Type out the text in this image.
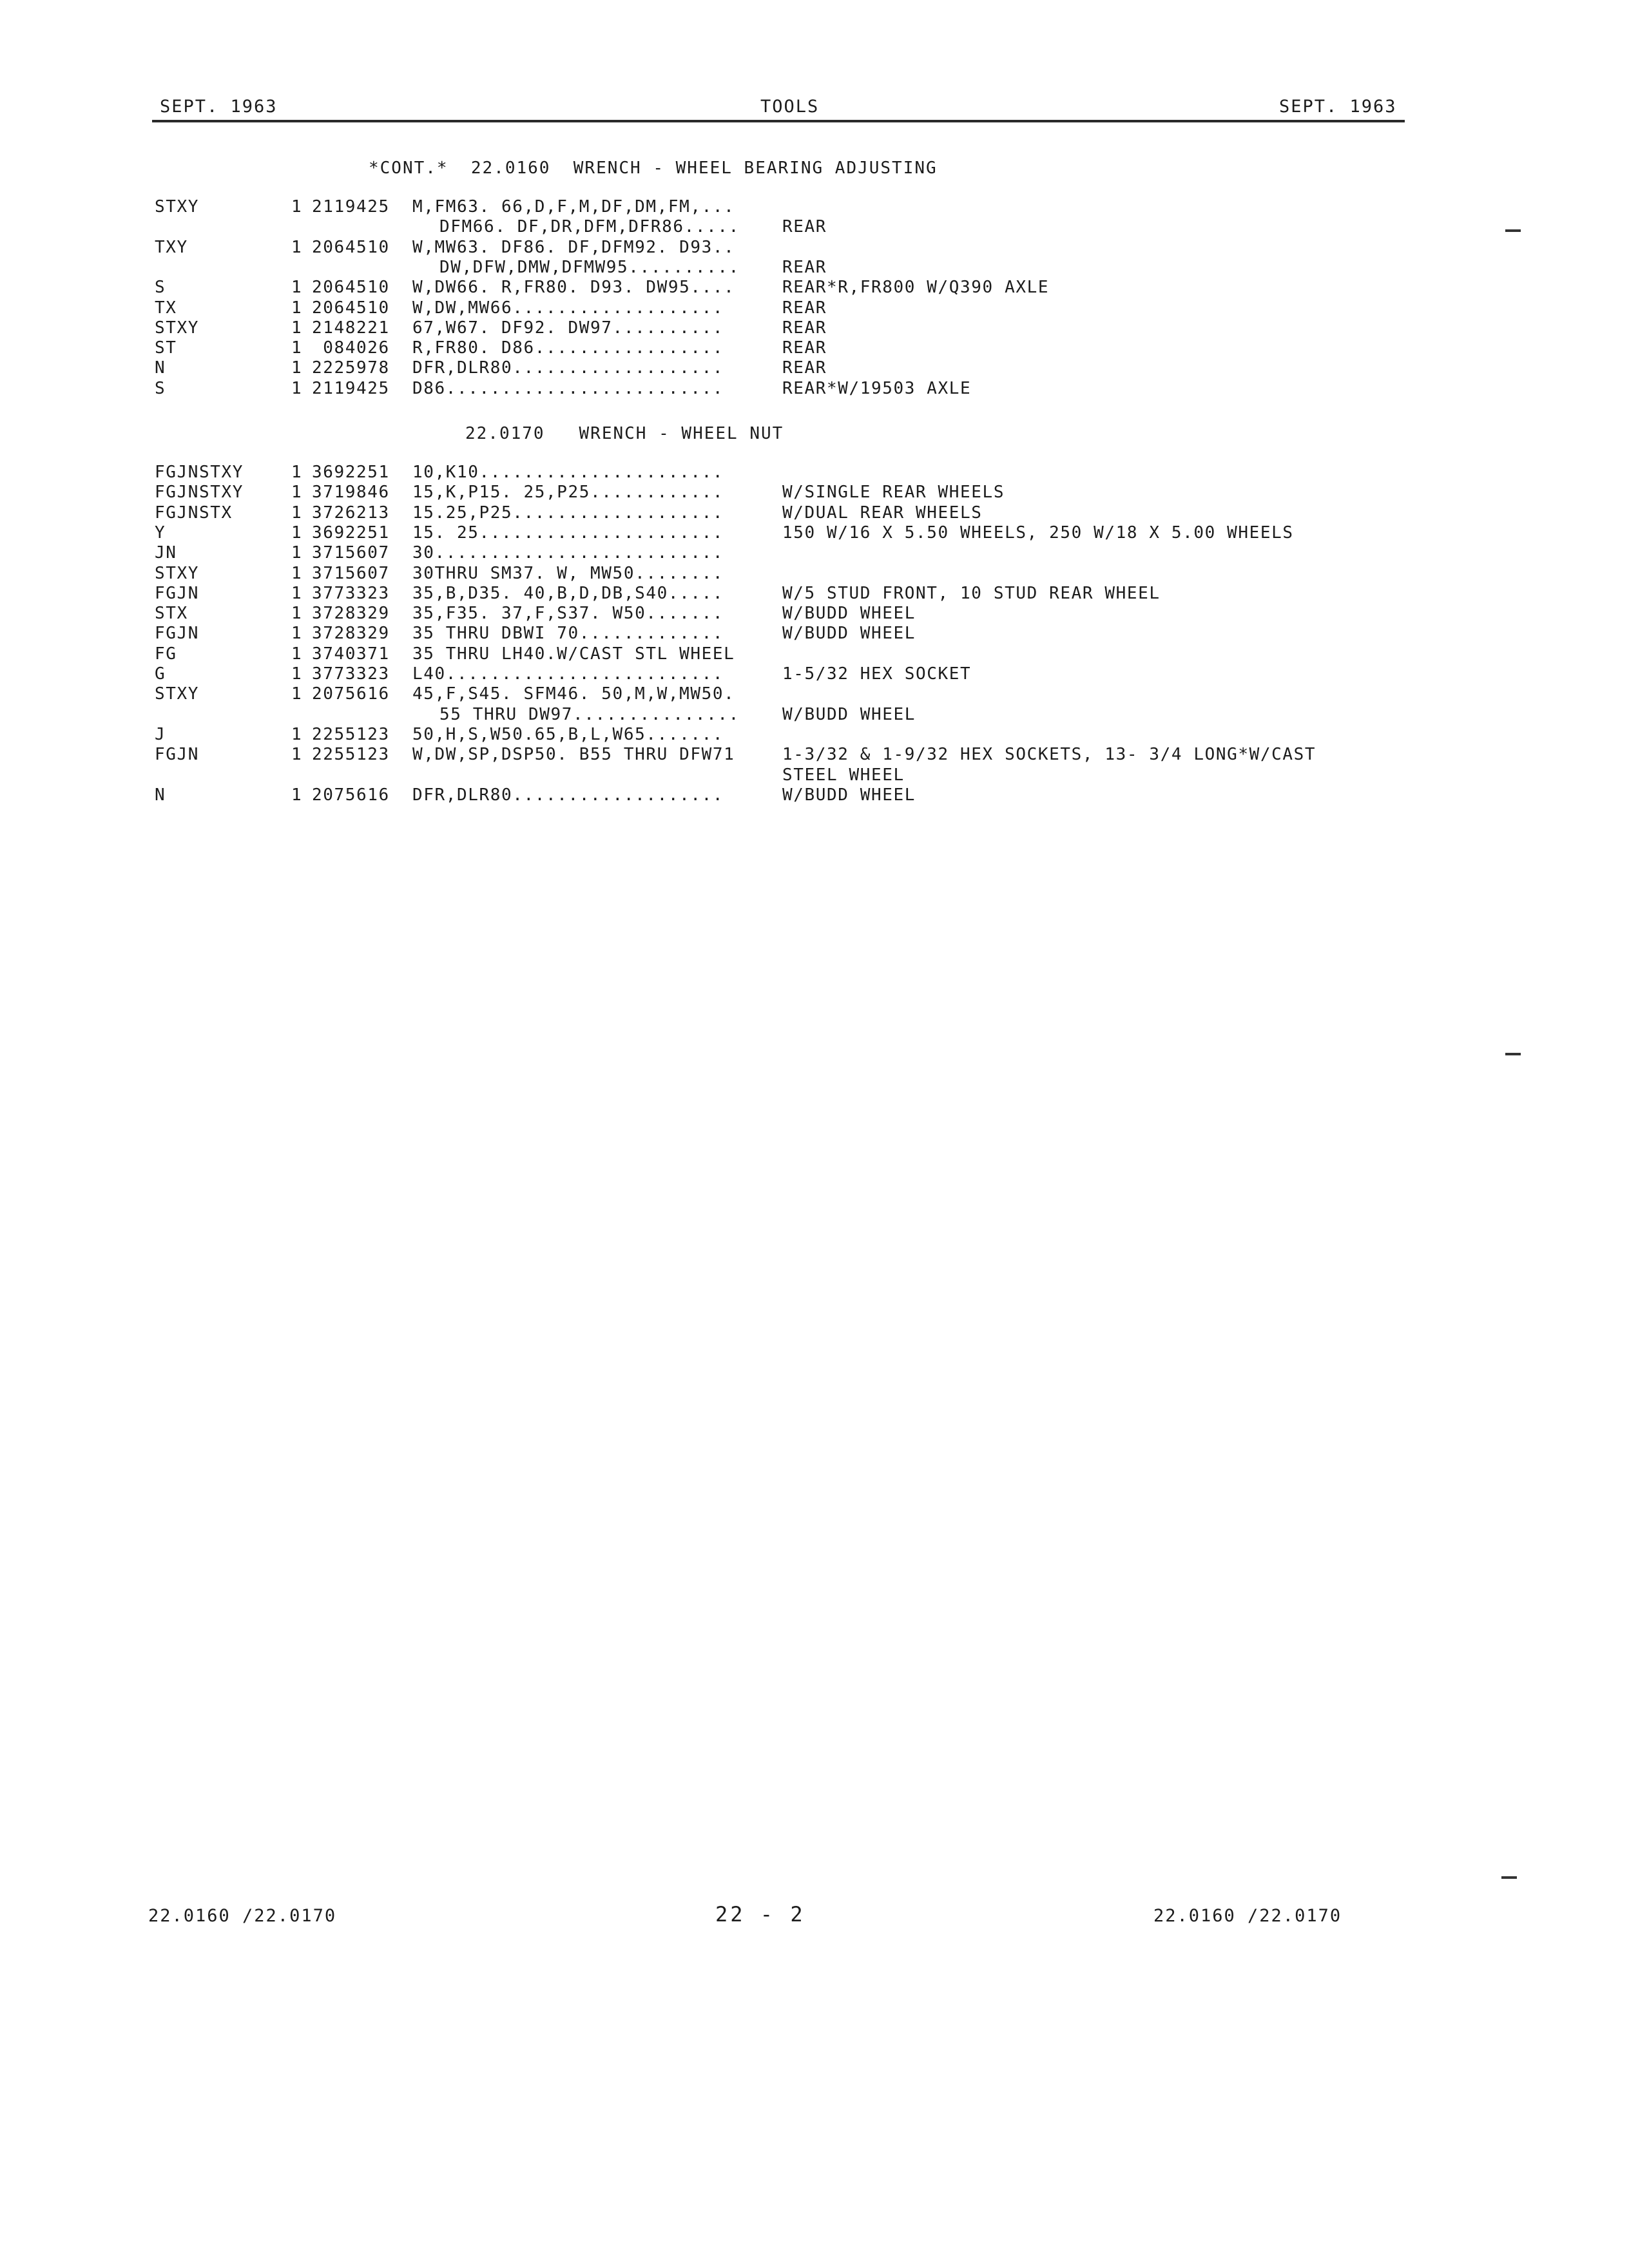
SEPT. 1963	TOOLS	SEPT. 1963
*CONT.*  22.0160  WRENCH - WHEEL BEARING ADJUSTING
STXY	1 2119425 M,FM63. 66,D,F,M,DF,DM,FM,...
DFM66. DF,DR,DFM,DFR86.....	REAR
TXY	1 2064510 W,MW63. DF86. DF,DFM92. D93..
DW,DFW,DMW,DFMW95..........	REAR
S	1 2064510 W,DW66. R,FR80. D93. DW95....	REAR*R,FR800 W/Q390 AXLE
TX	1 2064510 W,DW,MW66...................	REAR
STXY	1 2148221 67,W67. DF92. DW97..........	REAR
ST	1 084026 R,FR80. D86.................	REAR
N	1 2225978 DFR,DLR80...................	REAR
S	1 2119425 D86.........................	REAR*W/19503 AXLE
22.0170   WRENCH - WHEEL NUT
FGJNSTXY	1 3692251 10,K10......................
FGJNSTXY	1 3719846 15,K,P15. 25,P25............	W/SINGLE REAR WHEELS
FGJNSTX	1 3726213 15.25,P25...................	W/DUAL REAR WHEELS
Y	1 3692251 15. 25......................	150 W/16 X 5.50 WHEELS, 250 W/18 X 5.00 WHEELS
JN	1 3715607 30..........................
STXY	1 3715607 30THRU SM37. W, MW50........
FGJN	1 3773323 35,B,D35. 40,B,D,DB,S40.....	W/5 STUD FRONT, 10 STUD REAR WHEEL
STX	1 3728329 35,F35. 37,F,S37. W50.......	W/BUDD WHEEL
FGJN	1 3728329 35 THRU DBWI 70.............	W/BUDD WHEEL
FG	1 3740371 35 THRU LH40.W/CAST STL WHEEL
G	1 3773323 L40.........................	1-5/32 HEX SOCKET
STXY	1 2075616 45,F,S45. SFM46. 50,M,W,MW50.
55 THRU DW97...............	W/BUDD WHEEL
J	1 2255123 50,H,S,W50.65,B,L,W65.......
FGJN	1 2255123 W,DW,SP,DSP50. B55 THRU DFW71	1-3/32 & 1-9/32 HEX SOCKETS, 13- 3/4 LONG*W/CAST
STEEL WHEEL
N	1 2075616 DFR,DLR80...................	W/BUDD WHEEL
22.0160 /22.0170	22 - 2	22.0160 /22.0170
